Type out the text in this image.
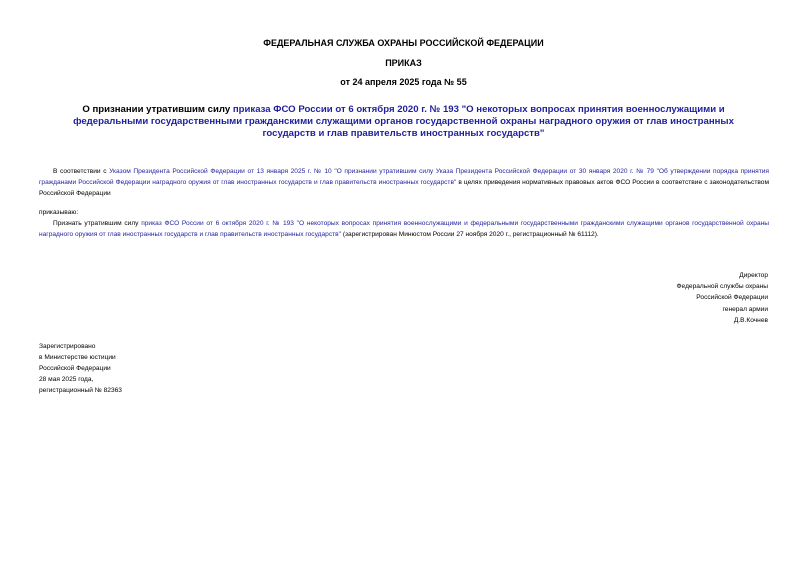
ФЕДЕРАЛЬНАЯ СЛУЖБА ОХРАНЫ РОССИЙСКОЙ ФЕДЕРАЦИИ
ПРИКАЗ
от 24 апреля 2025 года № 55
О признании утратившим силу приказа ФСО России от 6 октября 2020 г. № 193 "О некоторых вопросах принятия военнослужащими и федеральными государственными гражданскими служащими органов государственной охраны наградного оружия от глав иностранных государств и глав правительств иностранных государств"
В соответствии с Указом Президента Российской Федерации от 13 января 2025 г. № 10 "О признании утратившим силу Указа Президента Российской Федерации от 30 января 2020 г. № 79 "Об утверждении порядка принятия гражданами Российской Федерации наградного оружия от глав иностранных государств и глав правительств иностранных государств" в целях приведения нормативных правовых актов ФСО России в соответствие с законодательством Российской Федерации
приказываю:
Признать утратившим силу приказ ФСО России от 6 октября 2020 г. № 193 "О некоторых вопросах принятия военнослужащими и федеральными государственными гражданскими служащими органов государственной охраны наградного оружия от глав иностранных государств и глав правительств иностранных государств" (зарегистрирован Минюстом России 27 ноября 2020 г., регистрационный № 61112).
Директор
Федеральной службы охраны
Российской Федерации
генерал армии
Д.В.Кочнев
Зарегистрировано
в Министерстве юстиции
Российской Федерации
28 мая 2025 года,
регистрационный № 82363
